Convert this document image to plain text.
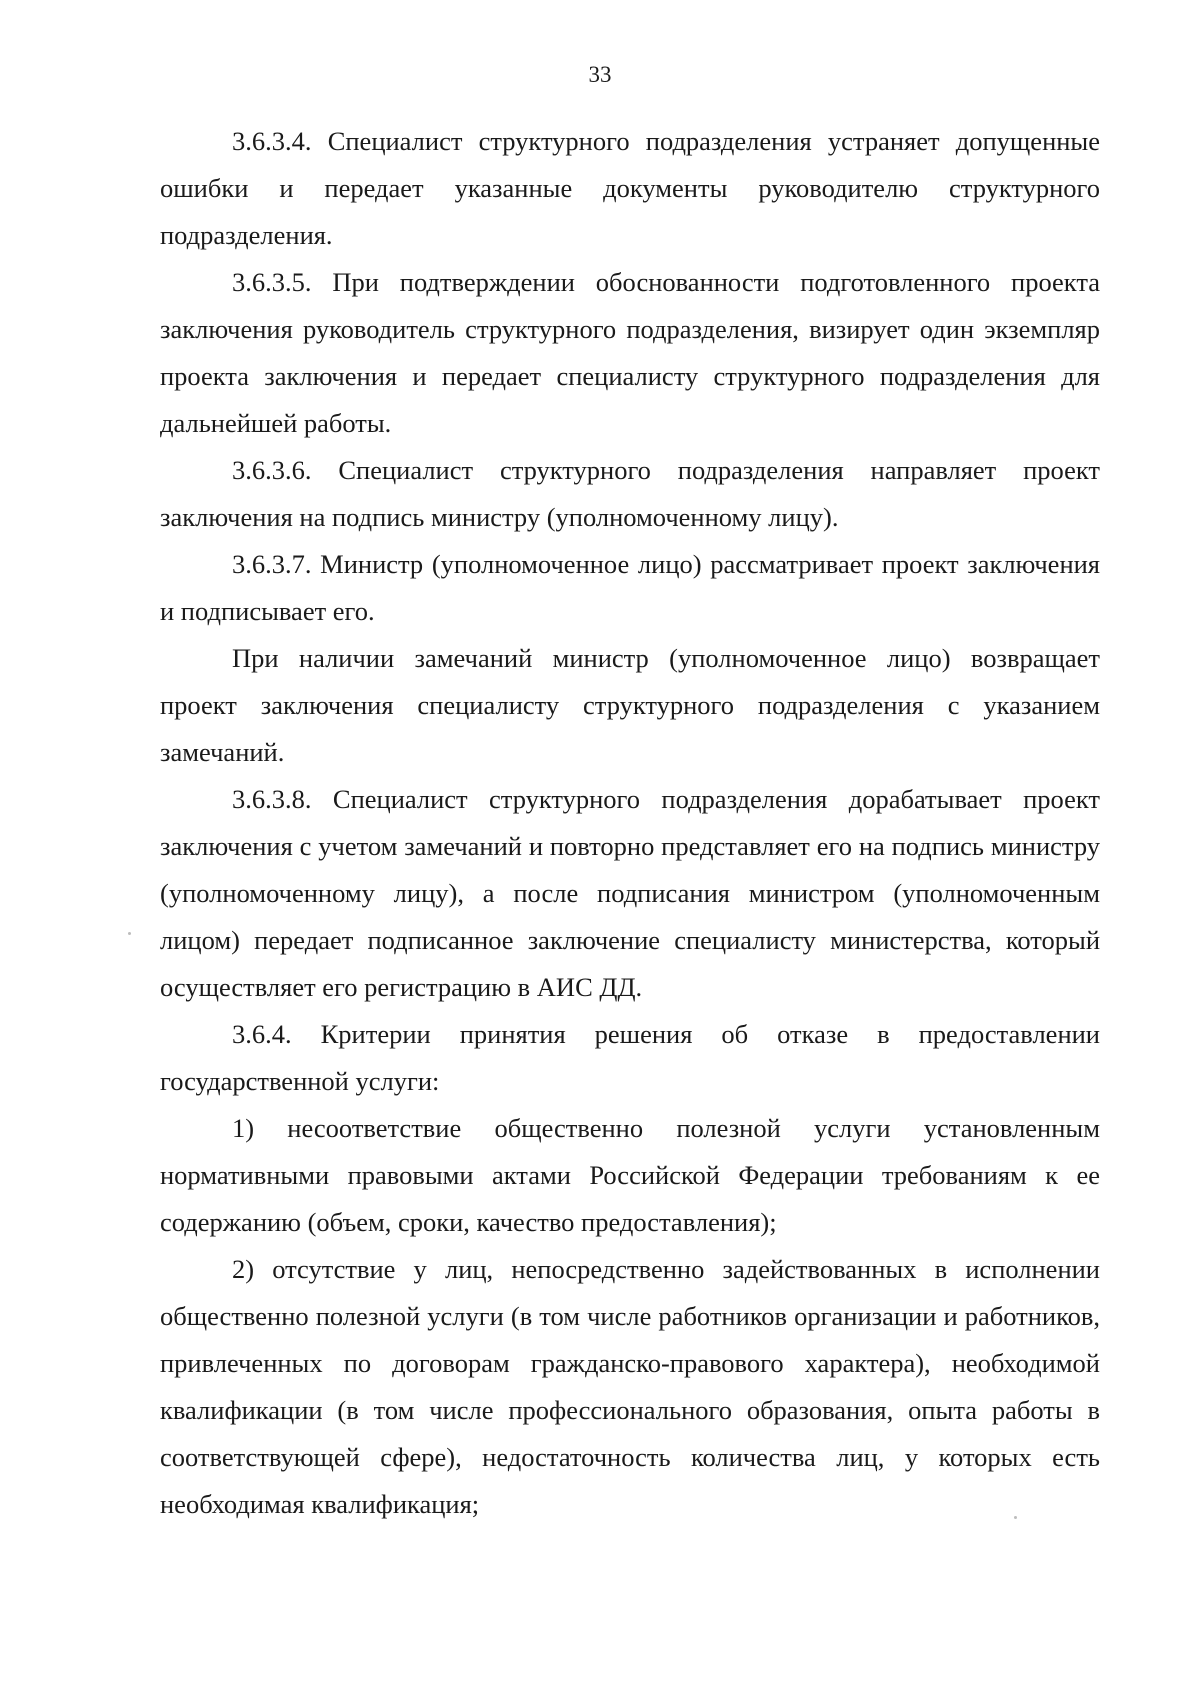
33

3.6.3.4. Специалист структурного подразделения устраняет допущенные ошибки и передает указанные документы руководителю структурного подразделения.

3.6.3.5. При подтверждении обоснованности подготовленного проекта заключения руководитель структурного подразделения, визирует один экземпляр проекта заключения и передает специалисту структурного подразделения для дальнейшей работы.

3.6.3.6. Специалист структурного подразделения направляет проект заключения на подпись министру (уполномоченному лицу).

3.6.3.7. Министр (уполномоченное лицо) рассматривает проект заключения и подписывает его.

При наличии замечаний министр (уполномоченное лицо) возвращает проект заключения специалисту структурного подразделения с указанием замечаний.

3.6.3.8. Специалист структурного подразделения дорабатывает проект заключения с учетом замечаний и повторно представляет его на подпись министру (уполномоченному лицу), а после подписания министром (уполномоченным лицом) передает подписанное заключение специалисту министерства, который осуществляет его регистрацию в АИС ДД.

3.6.4. Критерии принятия решения об отказе в предоставлении государственной услуги:

1) несоответствие общественно полезной услуги установленным нормативными правовыми актами Российской Федерации требованиям к ее содержанию (объем, сроки, качество предоставления);

2) отсутствие у лиц, непосредственно задействованных в исполнении общественно полезной услуги (в том числе работников организации и работников, привлеченных по договорам гражданско-правового характера), необходимой квалификации (в том числе профессионального образования, опыта работы в соответствующей сфере), недостаточность количества лиц, у которых есть необходимая квалификация;
